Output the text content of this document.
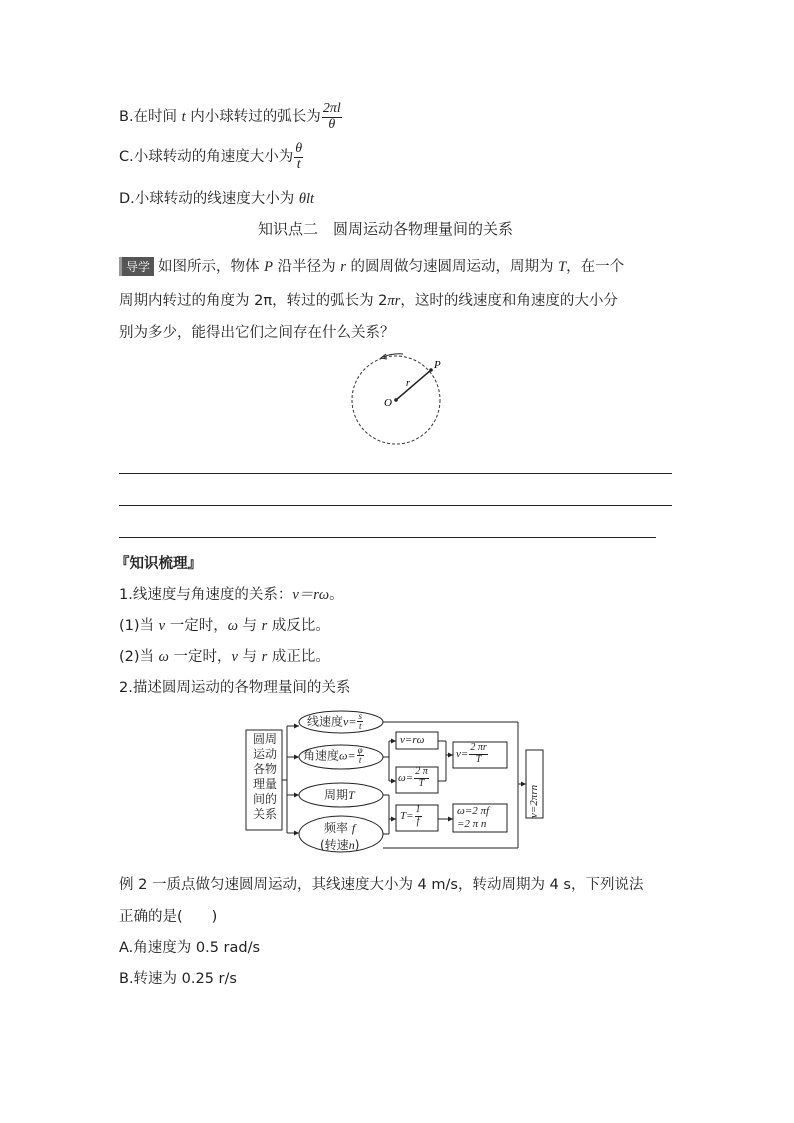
B.在时间 t 内小球转过的弧长为 $\frac{2\pi l}{\theta}$
C.小球转动的角速度大小为 $\frac{\theta}{t}$
D.小球转动的线速度大小为 θlt
知识点二　圆周运动各物理量间的关系
导学 如图所示，物体 P 沿半径为 r 的圆周做匀速圆周运动，周期为 T，在一个
周期内转过的角度为 2π，转过的弧长为 2πr，这时的线速度和角速度的大小分
别为多少，能得出它们之间存在什么关系？
P
r
O
『知识梳理』
1.线速度与角速度的关系：v＝rω。
(1)当 v 一定时，ω 与 r 成反比。
(2)当 ω 一定时，v 与 r 成正比。
2.描述圆周运动的各物理量间的关系
圆周
运动
各物
理量
间的
关系
线速度$v= \frac{s}{t}$
角速度$\omega= \frac{\varphi}{t}$
周期T
频率 f
(转速n)
v=rω
$\omega= \frac{2 \pi}{T}$
$T= \frac{1}{f}$
$v= \frac{2 \pi r}{T}$
ω=2 πf
=2 π n
v=2πrn
例 2 一质点做匀速圆周运动，其线速度大小为 4 m/s，转动周期为 4 s，下列说法
正确的是(　　)
A.角速度为 0.5 rad/s
B.转速为 0.25 r/s
